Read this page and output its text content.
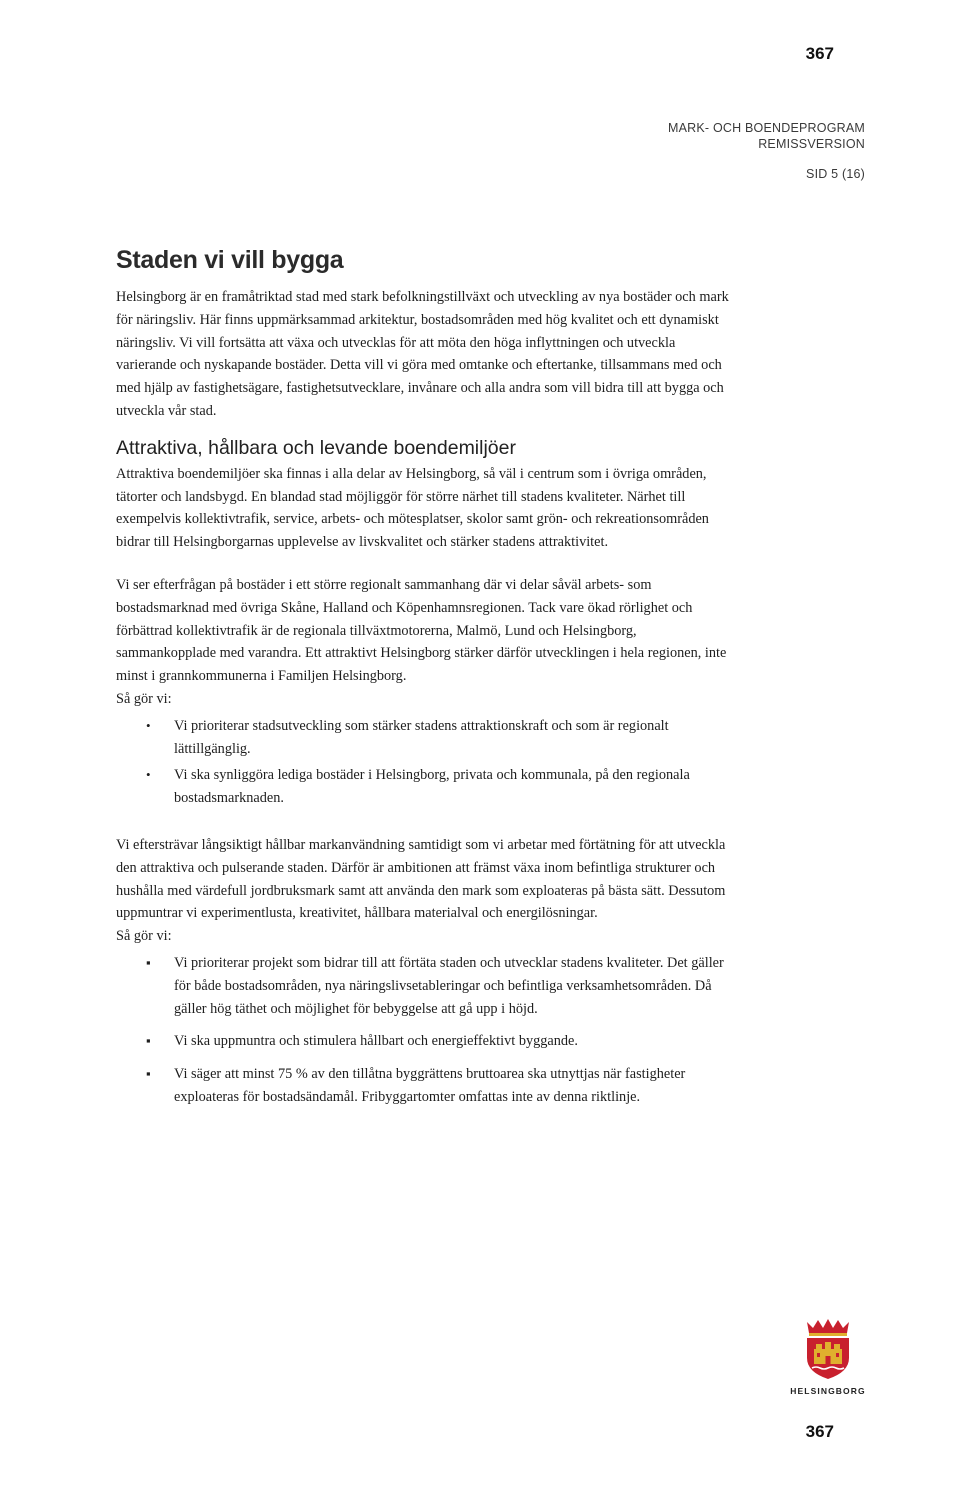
367
MARK- OCH BOENDEPROGRAM
REMISSVERSION
SID 5 (16)
Staden vi vill bygga

Helsingborg är en framåtriktad stad med stark befolkningstillväxt och utveckling av nya bostäder och mark för näringsliv. Här finns uppmärksammad arkitektur, bostadsområden med hög kvalitet och ett dynamiskt näringsliv. Vi vill fortsätta att växa och utvecklas för att möta den höga inflyttningen och utveckla varierande och nyskapande bostäder. Detta vill vi göra med omtanke och eftertanke, tillsammans med och med hjälp av fastighetsägare, fastighetsutvecklare, invånare och alla andra som vill bidra till att bygga och utveckla vår stad.

Attraktiva, hållbara och levande boendemiljöer

Attraktiva boendemiljöer ska finnas i alla delar av Helsingborg, så väl i centrum som i övriga områden, tätorter och landsbygd. En blandad stad möjliggör för större närhet till stadens kvaliteter. Närhet till exempelvis kollektivtrafik, service, arbets- och mötesplatser, skolor samt grön- och rekreationsområden bidrar till Helsingborgarnas upplevelse av livskvalitet och stärker stadens attraktivitet.

Vi ser efterfrågan på bostäder i ett större regionalt sammanhang där vi delar såväl arbets- som bostadsmarknad med övriga Skåne, Halland och Köpenhamnsregionen. Tack vare ökad rörlighet och förbättrad kollektivtrafik är de regionala tillväxtmotorerna, Malmö, Lund och Helsingborg, sammankopplade med varandra. Ett attraktivt Helsingborg stärker därför utvecklingen i hela regionen, inte minst i grannkommunerna i Familjen Helsingborg.

Så gör vi:

• Vi prioriterar stadsutveckling som stärker stadens attraktionskraft och som är regionalt lättillgänglig.
• Vi ska synliggöra lediga bostäder i Helsingborg, privata och kommunala, på den regionala bostadsmarknaden.

Vi eftersträvar långsiktigt hållbar markanvändning samtidigt som vi arbetar med förtätning för att utveckla den attraktiva och pulserande staden. Därför är ambitionen att främst växa inom befintliga strukturer och hushålla med värdefull jordbruksmark samt att använda den mark som exploateras på bästa sätt. Dessutom uppmuntrar vi experimentlusta, kreativitet, hållbara materialval och energilösningar.

Så gör vi:

▪ Vi prioriterar projekt som bidrar till att förtäta staden och utvecklar stadens kvaliteter. Det gäller för både bostadsområden, nya näringslivsetableringar och befintliga verksamhetsområden. Då gäller hög täthet och möjlighet för bebyggelse att gå upp i höjd.
▪ Vi ska uppmuntra och stimulera hållbart och energieffektivt byggande.
▪ Vi säger att minst 75 % av den tillåtna byggrättens bruttoarea ska utnyttjas när fastigheter exploateras för bostadsändamål. Fribyggartomter omfattas inte av denna riktlinje.
HELSINGBORG
367
